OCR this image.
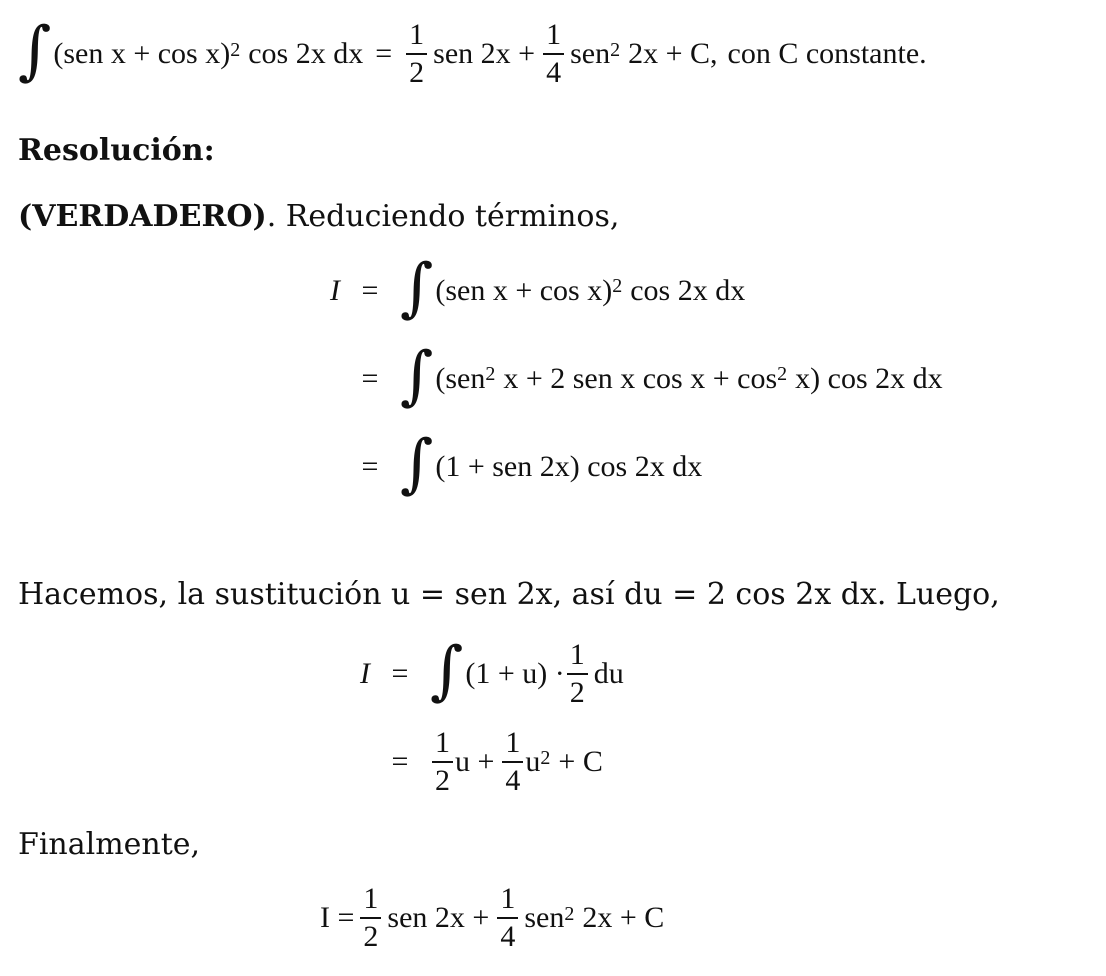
∫ (sen x + cos x) 2 cos 2x dx = $\frac{1}{2}$ sen $2x + \frac{1}{4}$ sen 2 2x + C, con C constante.
Resolución:
(VERDADERO). Reduciendo términos,
I = ∫ (sen x + cos x) 2 cos 2x dx
= ∫ (sen 2 x + 2 sen x cos x + cos 2 x) cos 2x dx
= ∫ (1 + sen 2x) cos 2x dx
Hacemos, la sustitución u = sen 2x, así du = 2 cos 2x dx. Luego,
I = ∫ $(1 + u) \cdot \frac{1}{2}$ du
= $\frac{1}{2}$ $u + \frac{1}{4}$ u 2 + C
Finalmente,
$I = \frac{1}{2}$ sen $2x + \frac{1}{4}$ sen 2 2x + C
